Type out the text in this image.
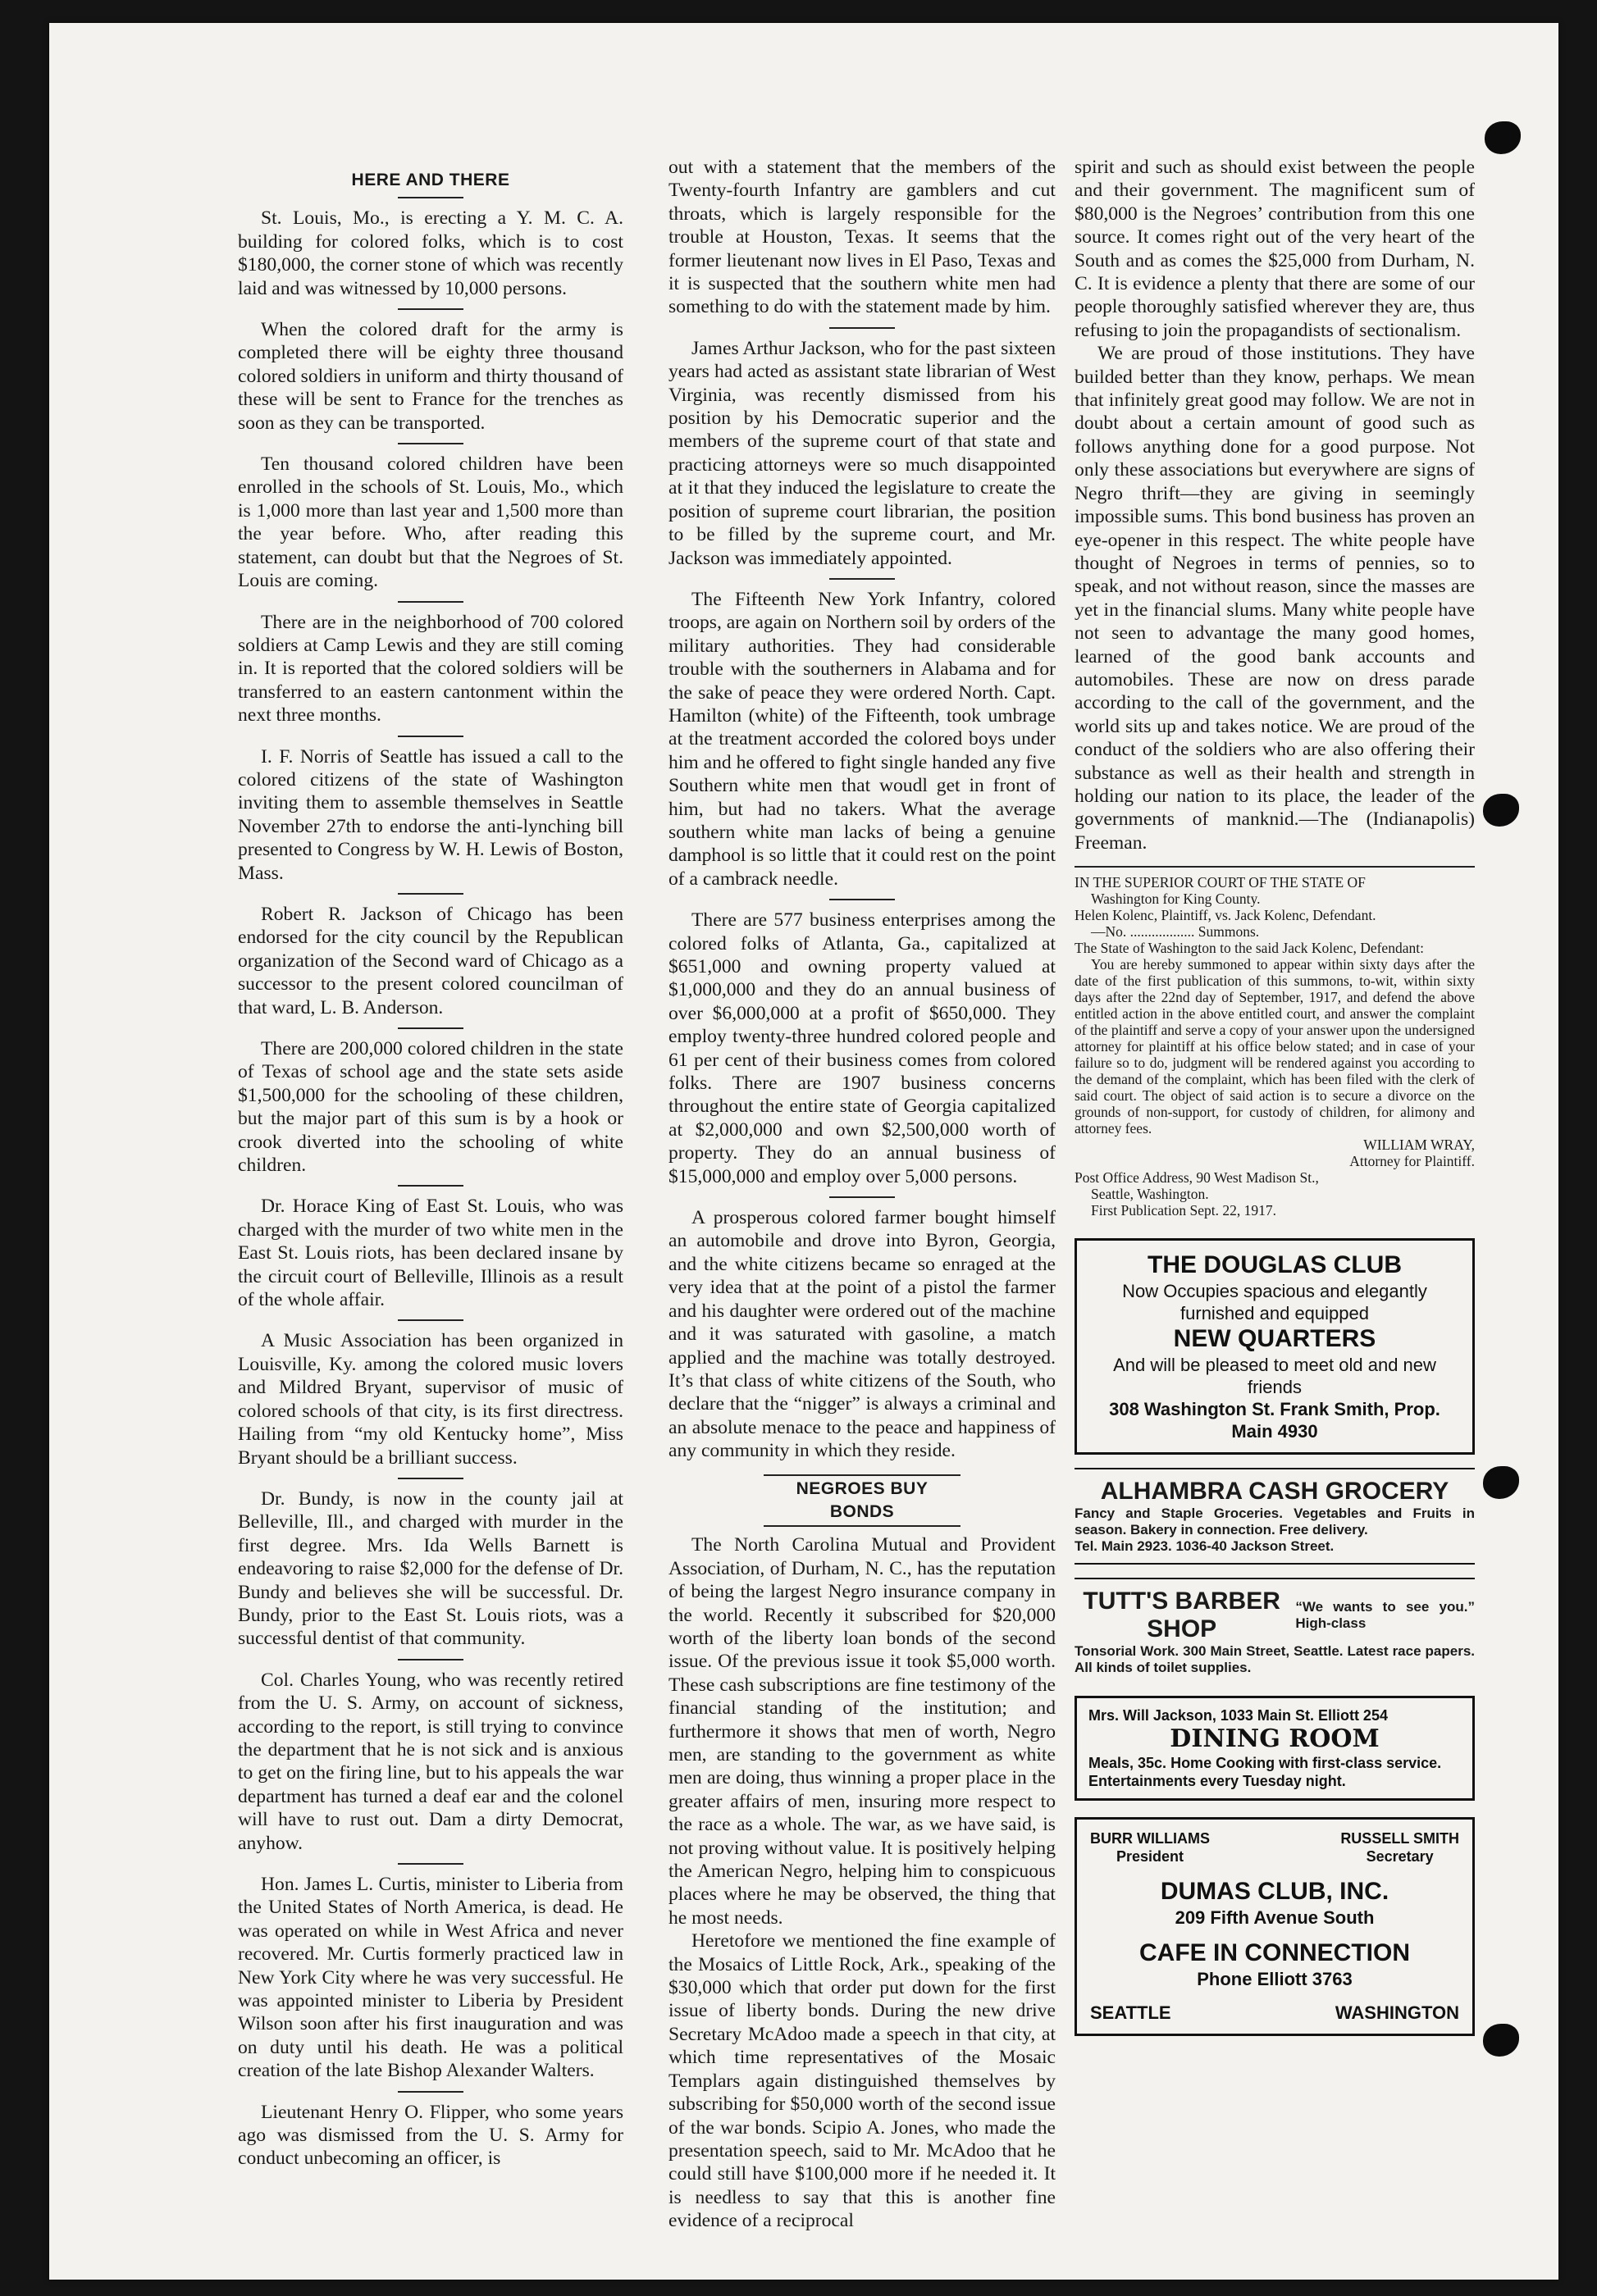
HERE AND THERE

St. Louis, Mo., is erecting a Y. M. C. A. building for colored folks, which is to cost $180,000, the corner stone of which was recently laid and was witnessed by 10,000 persons.

When the colored draft for the army is completed there will be eighty three thousand colored soldiers in uniform and thirty thousand of these will be sent to France for the trenches as soon as they can be transported.

Ten thousand colored children have been enrolled in the schools of St. Louis, Mo., which is 1,000 more than last year and 1,500 more than the year before. Who, after reading this statement, can doubt but that the Negroes of St. Louis are coming.

There are in the neighborhood of 700 colored soldiers at Camp Lewis and they are still coming in. It is reported that the colored soldiers will be transferred to an eastern cantonment within the next three months.

I. F. Norris of Seattle has issued a call to the colored citizens of the state of Washington inviting them to assemble themselves in Seattle November 27th to endorse the anti-lynching bill presented to Congress by W. H. Lewis of Boston, Mass.

Robert R. Jackson of Chicago has been endorsed for the city council by the Republican organization of the Second ward of Chicago as a successor to the present colored councilman of that ward, L. B. Anderson.

There are 200,000 colored children in the state of Texas of school age and the state sets aside $1,500,000 for the schooling of these children, but the major part of this sum is by a hook or crook diverted into the schooling of white children.

Dr. Horace King of East St. Louis, who was charged with the murder of two white men in the East St. Louis riots, has been declared insane by the circuit court of Belleville, Illinois as a result of the whole affair.

A Music Association has been organized in Louisville, Ky. among the colored music lovers and Mildred Bryant, supervisor of music of colored schools of that city, is its first directress. Hailing from “my old Kentucky home”, Miss Bryant should be a brilliant success.

Dr. Bundy, is now in the county jail at Belleville, Ill., and charged with murder in the first degree. Mrs. Ida Wells Barnett is endeavoring to raise $2,000 for the defense of Dr. Bundy and believes she will be successful. Dr. Bundy, prior to the East St. Louis riots, was a successful dentist of that community.

Col. Charles Young, who was recently retired from the U. S. Army, on account of sickness, according to the report, is still trying to convince the department that he is not sick and is anxious to get on the firing line, but to his appeals the war department has turned a deaf ear and the colonel will have to rust out. Dam a dirty Democrat, anyhow.

Hon. James L. Curtis, minister to Liberia from the United States of North America, is dead. He was operated on while in West Africa and never recovered. Mr. Curtis formerly practiced law in New York City where he was very successful. He was appointed minister to Liberia by President Wilson soon after his first inauguration and was on duty until his death. He was a political creation of the late Bishop Alexander Walters.

Lieutenant Henry O. Flipper, who some years ago was dismissed from the U. S. Army for conduct unbecoming an officer, is

out with a statement that the members of the Twenty-fourth Infantry are gamblers and cut throats, which is largely responsible for the trouble at Houston, Texas. It seems that the former lieutenant now lives in El Paso, Texas and it is suspected that the southern white men had something to do with the statement made by him.

James Arthur Jackson, who for the past sixteen years had acted as assistant state librarian of West Virginia, was recently dismissed from his position by his Democratic superior and the members of the supreme court of that state and practicing attorneys were so much disappointed at it that they induced the legislature to create the position of supreme court librarian, the position to be filled by the supreme court, and Mr. Jackson was immediately appointed.

The Fifteenth New York Infantry, colored troops, are again on Northern soil by orders of the military authorities. They had considerable trouble with the southerners in Alabama and for the sake of peace they were ordered North. Capt. Hamilton (white) of the Fifteenth, took umbrage at the treatment accorded the colored boys under him and he offered to fight single handed any five Southern white men that woudl get in front of him, but had no takers. What the average southern white man lacks of being a genuine damphool is so little that it could rest on the point of a cambrack needle.

There are 577 business enterprises among the colored folks of Atlanta, Ga., capitalized at $651,000 and owning property valued at $1,000,000 and they do an annual business of over $6,000,000 at a profit of $650,000. They employ twenty-three hundred colored people and 61 per cent of their business comes from colored folks. There are 1907 business concerns throughout the entire state of Georgia capitalized at $2,000,000 and own $2,500,000 worth of property. They do an annual business of $15,000,000 and employ over 5,000 persons.

A prosperous colored farmer bought himself an automobile and drove into Byron, Georgia, and the white citizens became so enraged at the very idea that at the point of a pistol the farmer and his daughter were ordered out of the machine and it was saturated with gasoline, a match applied and the machine was totally destroyed. It’s that class of white citizens of the South, who declare that the “nigger” is always a criminal and an absolute menace to the peace and happiness of any community in which they reside.

NEGROES BUY BONDS

The North Carolina Mutual and Provident Association, of Durham, N. C., has the reputation of being the largest Negro insurance company in the world. Recently it subscribed for $20,000 worth of the liberty loan bonds of the second issue. Of the previous issue it took $5,000 worth. These cash subscriptions are fine testimony of the financial standing of the institution; and furthermore it shows that men of worth, Negro men, are standing to the government as white men are doing, thus winning a proper place in the greater affairs of men, insuring more respect to the race as a whole. The war, as we have said, is not proving without value. It is positively helping the American Negro, helping him to conspicuous places where he may be observed, the thing that he most needs.

Heretofore we mentioned the fine example of the Mosaics of Little Rock, Ark., speaking of the $30,000 which that order put down for the first issue of liberty bonds. During the new drive Secretary McAdoo made a speech in that city, at which time representatives of the Mosaic Templars again distinguished themselves by subscribing for $50,000 worth of the second issue of the war bonds. Scipio A. Jones, who made the presentation speech, said to Mr. McAdoo that he could still have $100,000 more if he needed it. It is needless to say that this is another fine evidence of a reciprocal

spirit and such as should exist between the people and their government. The magnificent sum of $80,000 is the Negroes’ contribution from this one source. It comes right out of the very heart of the South and as comes the $25,000 from Durham, N. C. It is evidence a plenty that there are some of our people thoroughly satisfied wherever they are, thus refusing to join the propagandists of sectionalism.

We are proud of those institutions. They have builded better than they know, perhaps. We mean that infinitely great good may follow. We are not in doubt about a certain amount of good such as follows anything done for a good purpose. Not only these associations but everywhere are signs of Negro thrift—they are giving in seemingly impossible sums. This bond business has proven an eye-opener in this respect. The white people have thought of Negroes in terms of pennies, so to speak, and not without reason, since the masses are yet in the financial slums. Many white people have not seen to advantage the many good homes, learned of the good bank accounts and automobiles. These are now on dress parade according to the call of the government, and the world sits up and takes notice. We are proud of the conduct of the soldiers who are also offering their substance as well as their health and strength in holding our nation to its place, the leader of the governments of manknid.—The (Indianapolis) Freeman.

IN THE SUPERIOR COURT OF THE STATE OF

Washington for King County.

Helen Kolenc, Plaintiff, vs. Jack Kolenc, Defendant.

—No. .................. Summons.

The State of Washington to the said Jack Kolenc, Defendant:

You are hereby summoned to appear within sixty days after the date of the first publication of this summons, to-wit, within sixty days after the 22nd day of September, 1917, and defend the above entitled action in the above entitled court, and answer the complaint of the plaintiff and serve a copy of your answer upon the undersigned attorney for plaintiff at his office below stated; and in case of your failure so to do, judgment will be rendered against you according to the demand of the complaint, which has been filed with the clerk of said court. The object of said action is to secure a divorce on the grounds of non-support, for custody of children, for alimony and attorney fees.

WILLIAM WRAY,

Attorney for Plaintiff.

Post Office Address, 90 West Madison St.,

Seattle, Washington.

First Publication Sept. 22, 1917.

THE DOUGLAS CLUB
Now Occupies spacious and elegantly furnished and equipped
NEW QUARTERS
And will be pleased to meet old and new friends
308 Washington St. Frank Smith, Prop.
Main 4930
ALHAMBRA CASH GROCERY
Fancy and Staple Groceries. Vegetables and Fruits in season. Bakery in connection. Free delivery.
Tel. Main 2923. 1036-40 Jackson Street.
TUTT'S BARBER SHOP
“We wants to see you.” High-class
Tonsorial Work. 300 Main Street, Seattle. Latest race papers. All kinds of toilet supplies.
Mrs. Will Jackson, 1033 Main St. Elliott 254
DINING ROOM
Meals, 35c. Home Cooking with first-class service. Entertainments every Tuesday night.
BURR WILLIAMS
President
RUSSELL SMITH
Secretary
DUMAS CLUB, INC.
209 Fifth Avenue South
CAFE IN CONNECTION
Phone Elliott 3763
SEATTLE	WASHINGTON
